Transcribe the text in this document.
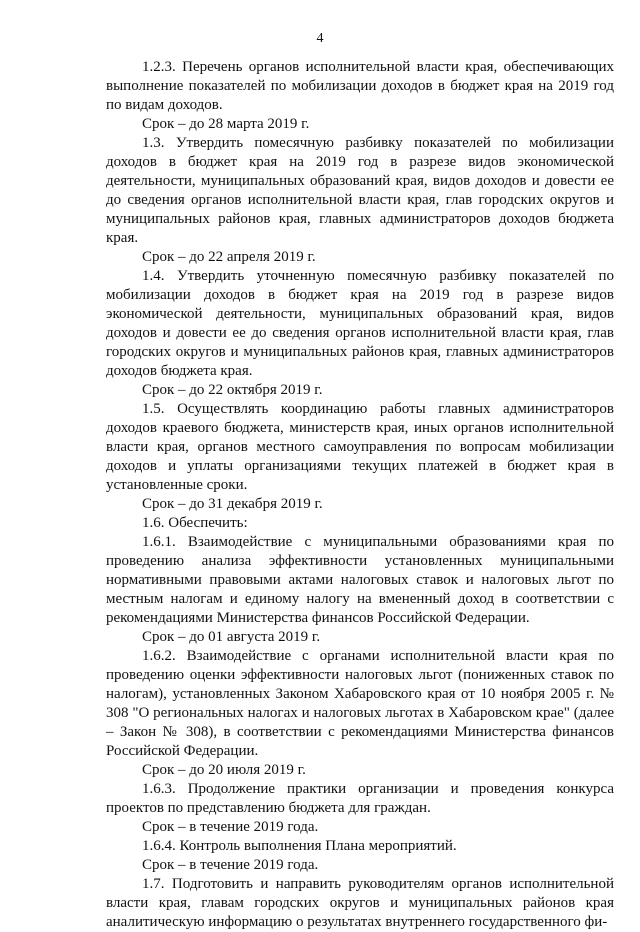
4

1.2.3. Перечень органов исполнительной власти края, обеспечивающих выполнение показателей по мобилизации доходов в бюджет края на 2019 год по видам доходов.

Срок – до 28 марта 2019 г.

1.3. Утвердить помесячную разбивку показателей по мобилизации доходов в бюджет края на 2019 год в разрезе видов экономической деятельности, муниципальных образований края, видов доходов и довести ее до сведения органов исполнительной власти края, глав городских округов и муниципальных районов края, главных администраторов доходов бюджета края.

Срок – до 22 апреля 2019 г.

1.4. Утвердить уточненную помесячную разбивку показателей по мобилизации доходов в бюджет края на 2019 год в разрезе видов экономической деятельности, муниципальных образований края, видов доходов и довести ее до сведения органов исполнительной власти края, глав городских округов и муниципальных районов края, главных администраторов доходов бюджета края.

Срок – до 22 октября 2019 г.

1.5. Осуществлять координацию работы главных администраторов доходов краевого бюджета, министерств края, иных органов исполнительной власти края, органов местного самоуправления по вопросам мобилизации доходов и уплаты организациями текущих платежей в бюджет края в установленные сроки.

Срок – до 31 декабря 2019 г.

1.6. Обеспечить:

1.6.1. Взаимодействие с муниципальными образованиями края по проведению анализа эффективности установленных муниципальными нормативными правовыми актами налоговых ставок и налоговых льгот по местным налогам и единому налогу на вмененный доход в соответствии с рекомендациями Министерства финансов Российской Федерации.

Срок – до 01 августа 2019 г.

1.6.2. Взаимодействие с органами исполнительной власти края по проведению оценки эффективности налоговых льгот (пониженных ставок по налогам), установленных Законом Хабаровского края от 10 ноября 2005 г. № 308 "О региональных налогах и налоговых льготах в Хабаровском крае" (далее – Закон № 308), в соответствии с рекомендациями Министерства финансов Российской Федерации.

Срок – до 20 июля 2019 г.

1.6.3. Продолжение практики организации и проведения конкурса проектов по представлению бюджета для граждан.

Срок – в течение 2019 года.

1.6.4. Контроль выполнения Плана мероприятий.

Срок – в течение 2019 года.

1.7. Подготовить и направить руководителям органов исполнительной власти края, главам городских округов и муниципальных районов края аналитическую информацию о результатах внутреннего государственного фи-
